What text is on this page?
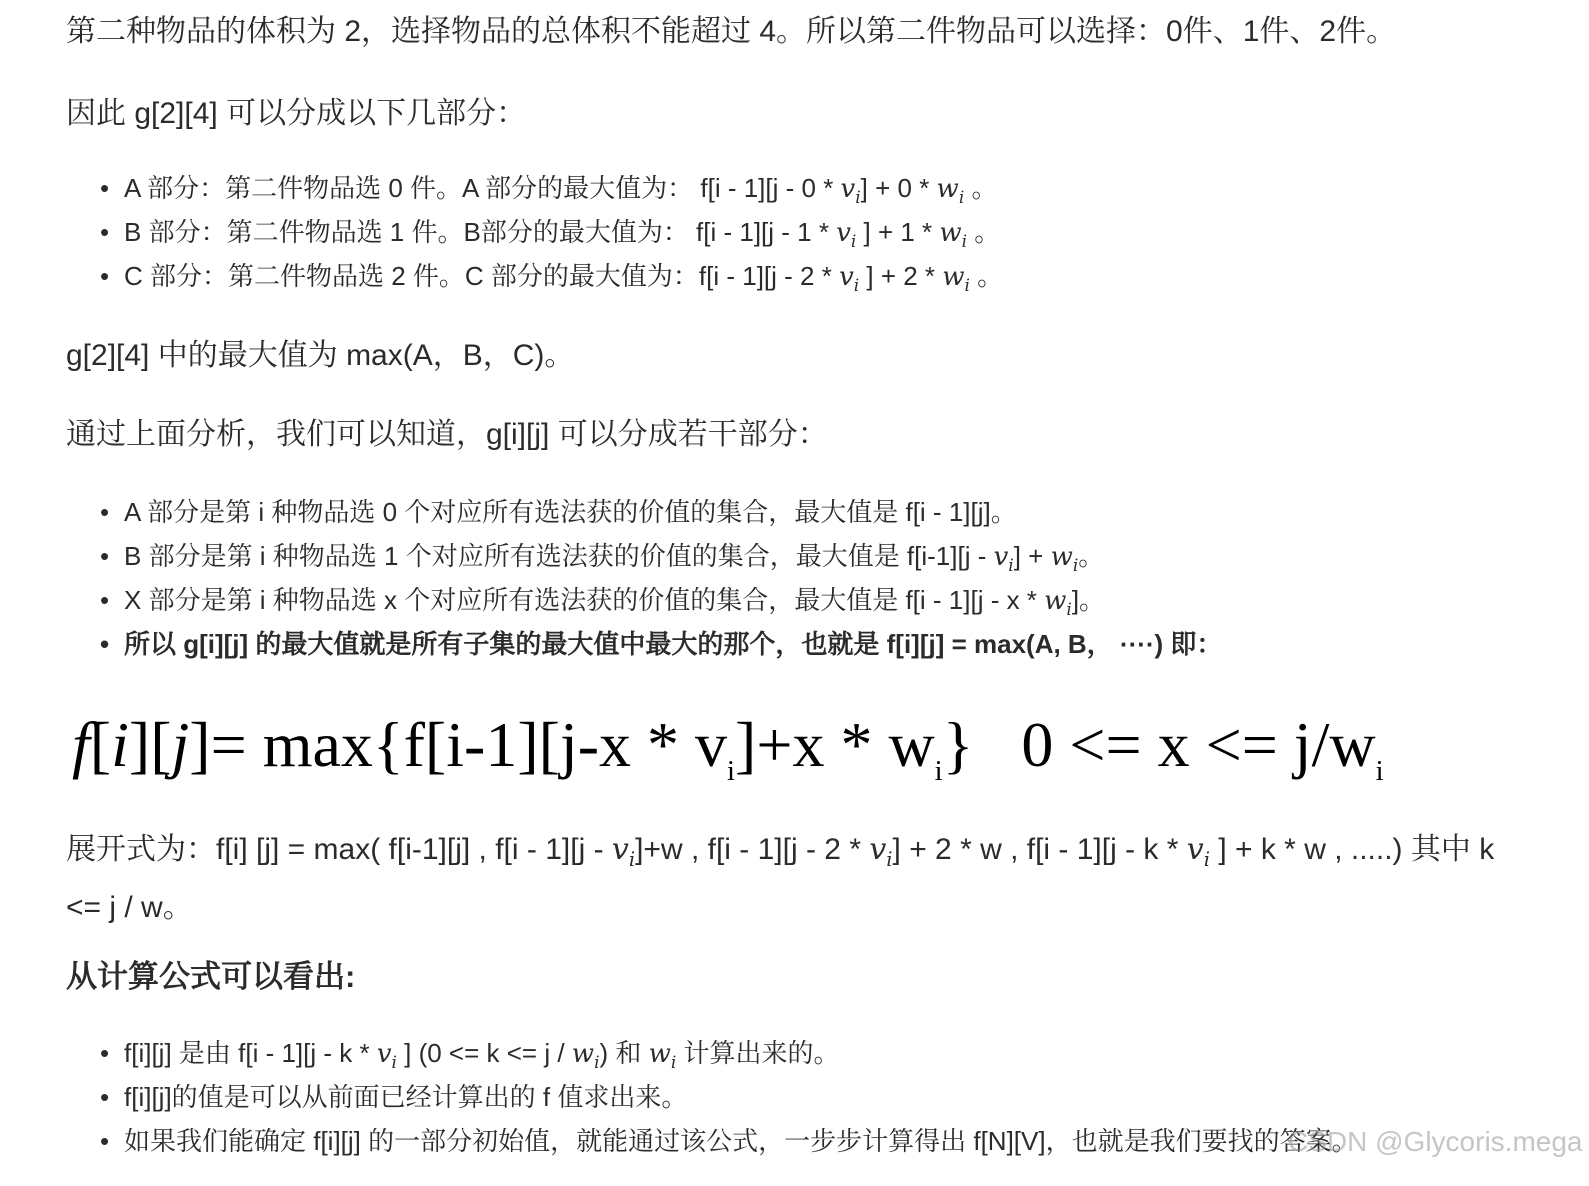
第二种物品的体积为 2，选择物品的总体积不能超过 4。所以第二件物品可以选择：0件、1件、2件。
因此 g[2][4] 可以分成以下几部分：
• A 部分：第二件物品选 0 件。A 部分的最大值为： $f[i - 1][j - 0 * v_i] + 0 * w_i$ 。
• B 部分：第二件物品选 1 件。B部分的最大值为： $f[i - 1][j - 1 * v_i$ ] + $1 * w_i$ 。
• C 部分：第二件物品选 2 件。C 部分的最大值为：$f[i - 1][j - 2 * v_i$ ] + $2 * w_i$ 。
g[2][4] 中的最大值为 max(A，B，C)。
通过上面分析，我们可以知道，g[i][j] 可以分成若干部分：
• A 部分是第 i 种物品选 0 个对应所有选法获的价值的集合，最大值是 f[i - 1][j]。
• B 部分是第 i 种物品选 1 个对应所有选法获的价值的集合，最大值是 $f[i-1][j - v_i] + w_i$。
• X 部分是第 i 种物品选 x 个对应所有选法获的价值的集合，最大值是 f[i - 1][j - x * $w_i$]。
• 所以 g[i][j] 的最大值就是所有子集的最大值中最大的那个，也就是 f[i][j] = max(A, B， ····) 即：
$f[i][j]= \max\{f[i-1][j-x * v_i]+x * w_i\}$ $0 <= x <= j/w_i$
展开式为：f[i] [j] = max( f[i-1][j] , $f[i - 1][j - v_i]+w$ , $f[i - 1][j - 2 * v_i] + 2 * w$ , f[i - 1][j - k * $v_i$ ] + k * w , .....) 其中 k <= j / w。
从计算公式可以看出:
• f[i][j] 是由 f[i - 1][j - k * $v_i$ ] $(0 <= k <= j / w_i)$ 和 $w_i$ 计算出来的。
• f[i][j]的值是可以从前面已经计算出的 f 值求出来。
• 如果我们能确定 f[i][j] 的一部分初始值，就能通过该公式，一步步计算得出 f[N][V]，也就是我们要找的答案。
CSDN @Glycoris.mega
